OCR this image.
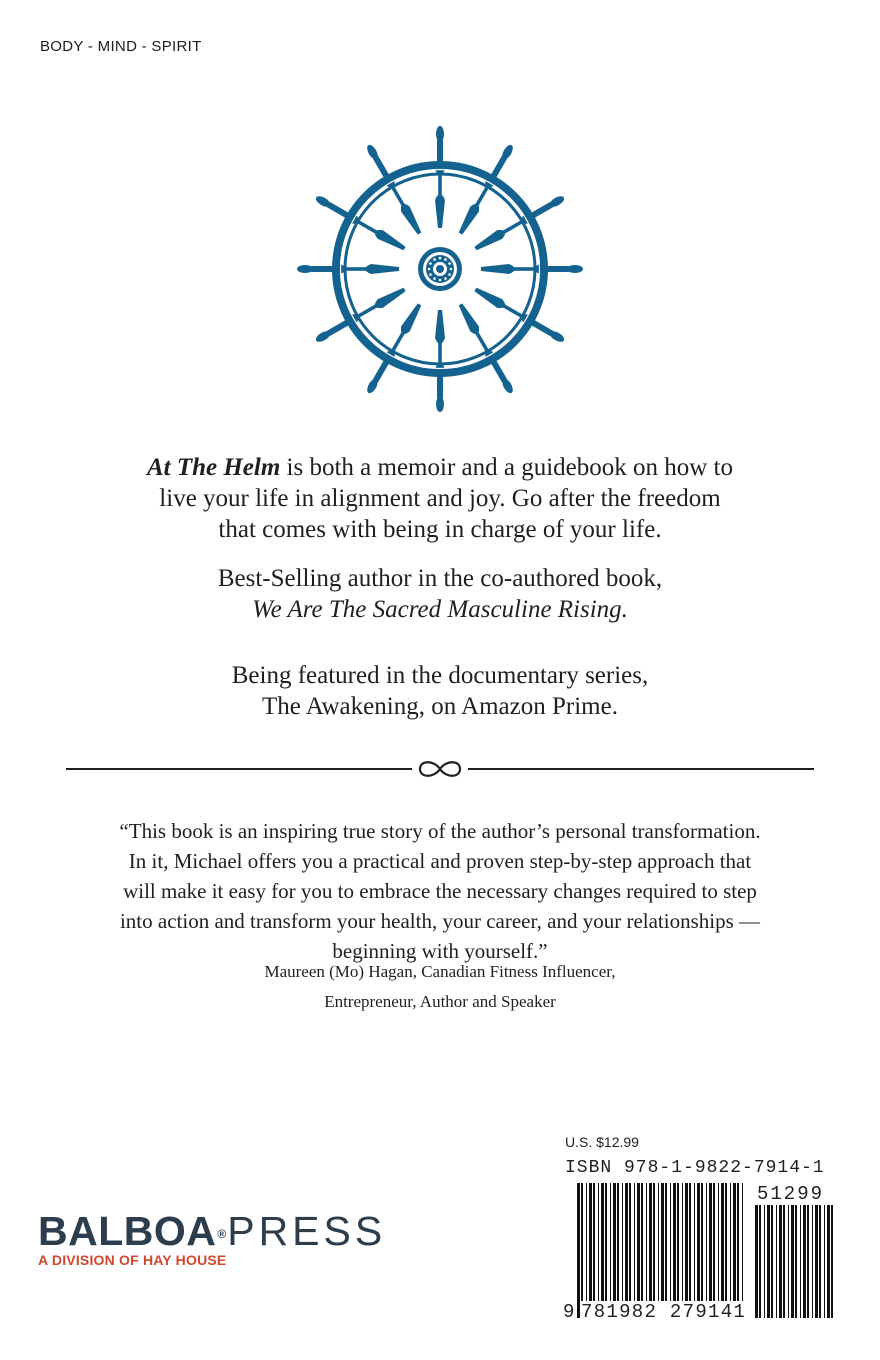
BODY - MIND - SPIRIT
At The Helm is both a memoir and a guidebook on how to
live your life in alignment and joy. Go after the freedom
that comes with being in charge of your life.
Best-Selling author in the co-authored book,
We Are The Sacred Masculine Rising.
Being featured in the documentary series,
The Awakening, on Amazon Prime.
“This book is an inspiring true story of the author’s personal transformation.
In it, Michael offers you a practical and proven step-by-step approach that
will make it easy for you to embrace the necessary changes required to step
into action and transform your health, your career, and your relationships —
beginning with yourself.”
Maureen (Mo) Hagan, Canadian Fitness Influencer,
Entrepreneur, Author and Speaker
BALBOA®PRESS
A DIVISION OF HAY HOUSE
U.S. $12.99
ISBN 978-1-9822-7914-1
51299
9 781982 279141
